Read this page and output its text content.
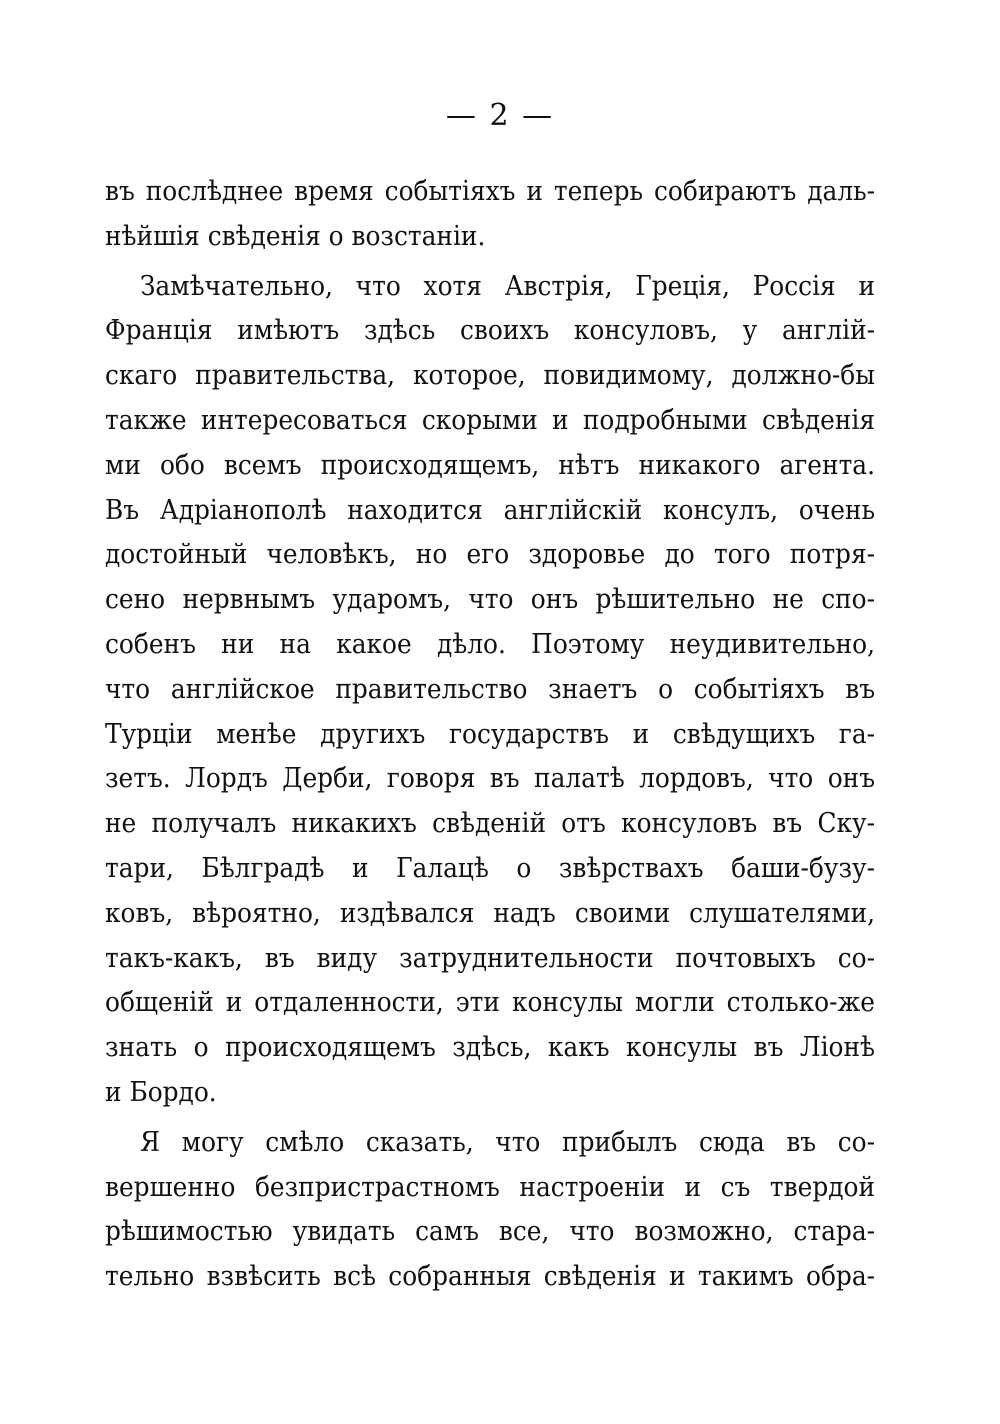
— 2 —
въ послѣднее время событіяхъ и теперь собираютъ даль-
нѣйшія свѣденія о возстаніи.
Замѣчательно, что хотя Австрія, Греція, Россія и
Франція имѣютъ здѣсь своихъ консуловъ, у англій-
скаго правительства, которое, повидимому, должно-бы
также интересоваться скорыми и подробными свѣденія
ми обо всемъ происходящемъ, нѣтъ никакого агента.
Въ Адріанополѣ находится англійскій консулъ, очень
достойный человѣкъ, но его здоровье до того потря-
сено нервнымъ ударомъ, что онъ рѣшительно не спо-
собенъ ни на какое дѣло. Поэтому неудивительно,
что англійское правительство знаетъ о событіяхъ въ
Турціи менѣе другихъ государствъ и свѣдущихъ га-
зетъ. Лордъ Дерби, говоря въ палатѣ лордовъ, что онъ
не получалъ никакихъ свѣденій отъ консуловъ въ Ску-
тари, Бѣлградѣ и Галацѣ о звѣрствахъ баши-бузу-
ковъ, вѣроятно, издѣвался надъ своими слушателями,
такъ-какъ, въ виду затруднительности почтовыхъ со-
общеній и отдаленности, эти консулы могли столько-же
знать о происходящемъ здѣсь, какъ консулы въ Ліонѣ
и Бордо.
Я могу смѣло сказать, что прибылъ сюда въ со-
вершенно безпристрастномъ настроеніи и съ твердой
рѣшимостью увидать самъ все, что возможно, стара-
тельно взвѣсить всѣ собранныя свѣденія и такимъ обра-
